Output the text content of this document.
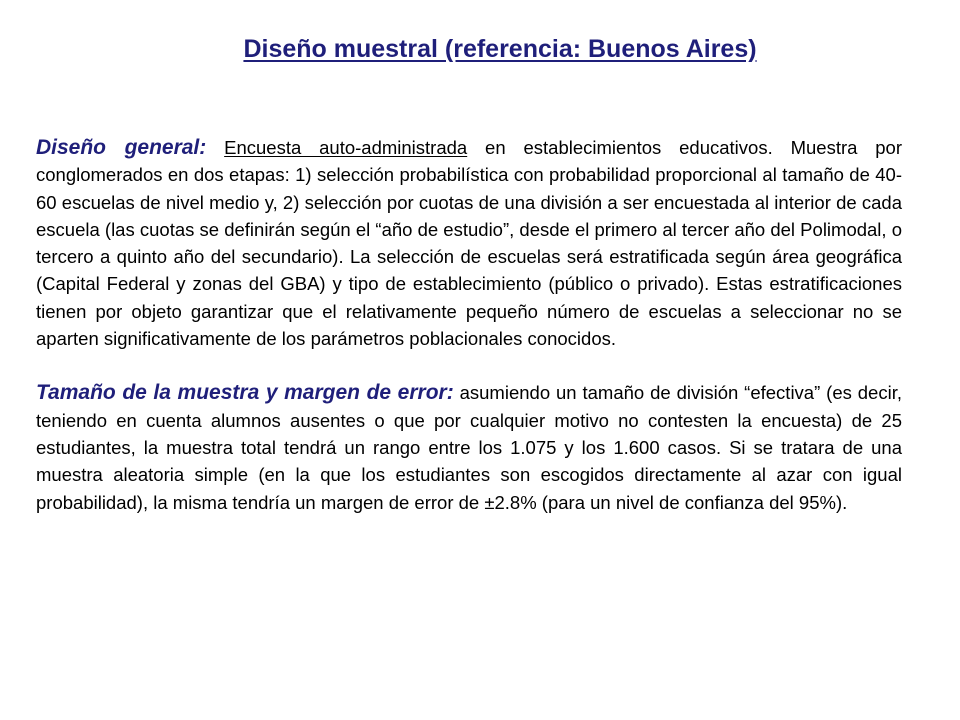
Diseño muestral (referencia: Buenos Aires)

Diseño general: Encuesta auto-administrada en establecimientos educativos. Muestra por conglomerados en dos etapas: 1) selección probabilística con probabilidad proporcional al tamaño de 40-60 escuelas de nivel medio y, 2) selección por cuotas de una división a ser encuestada al interior de cada escuela (las cuotas se definirán según el “año de estudio”, desde el primero al tercer año del Polimodal, o tercero a quinto año del secundario). La selección de escuelas será estratificada según área geográfica (Capital Federal y zonas del GBA) y tipo de establecimiento (público o privado). Estas estratificaciones tienen por objeto garantizar que el relativamente pequeño número de escuelas a seleccionar no se aparten significativamente de los parámetros poblacionales conocidos.

Tamaño de la muestra y margen de error: asumiendo un tamaño de división “efectiva” (es decir, teniendo en cuenta alumnos ausentes o que por cualquier motivo no contesten la encuesta) de 25 estudiantes, la muestra total tendrá un rango entre los 1.075 y los 1.600 casos. Si se tratara de una muestra aleatoria simple (en la que los estudiantes son escogidos directamente al azar con igual probabilidad), la misma tendría un margen de error de ±2.8% (para un nivel de confianza del 95%).
